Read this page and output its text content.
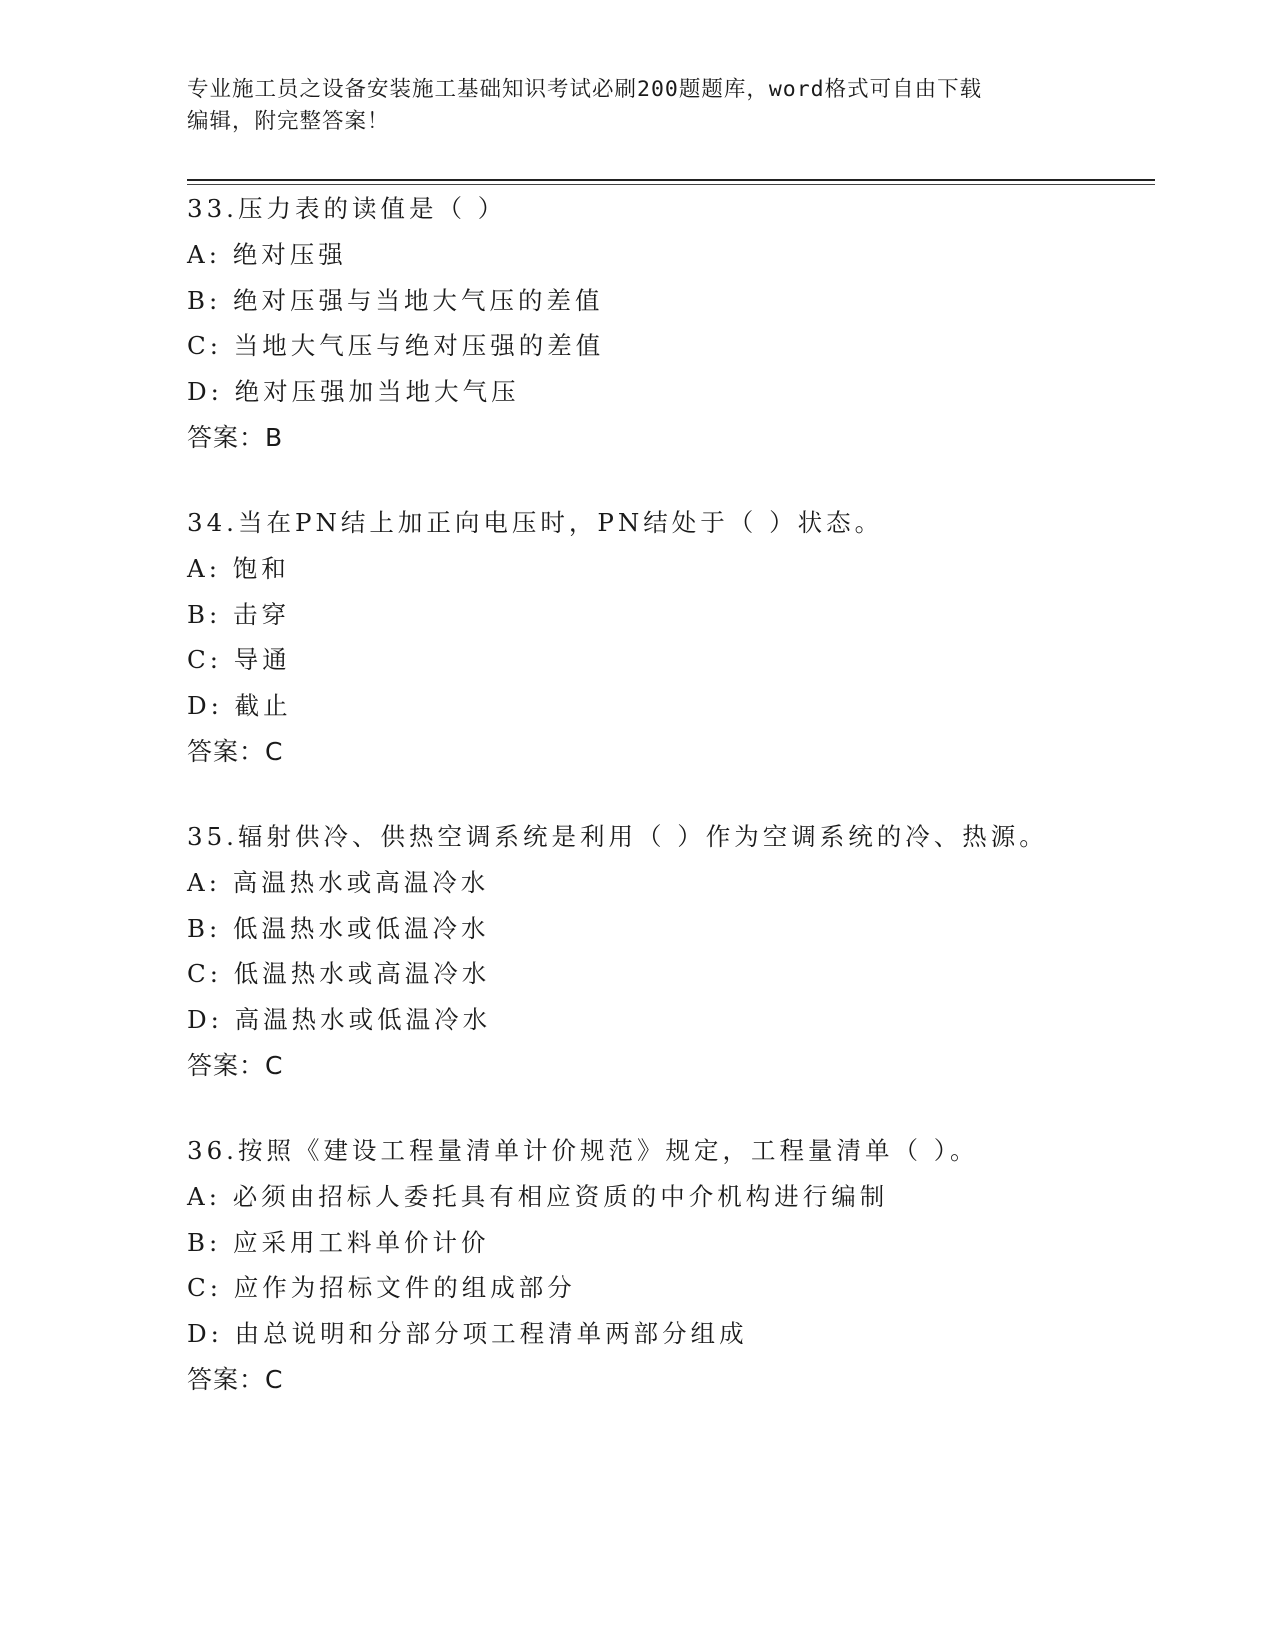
专业施工员之设备安装施工基础知识考试必刷200题题库，word格式可自由下载
编辑，附完整答案！
33.压力表的读值是（ ）
A: 绝对压强
B: 绝对压强与当地大气压的差值
C: 当地大气压与绝对压强的差值
D: 绝对压强加当地大气压
答案：B
34.当在PN结上加正向电压时，PN结处于（ ）状态。
A: 饱和
B: 击穿
C: 导通
D: 截止
答案：C
35.辐射供冷、供热空调系统是利用（ ）作为空调系统的冷、热源。
A: 高温热水或高温冷水
B: 低温热水或低温冷水
C: 低温热水或高温冷水
D: 高温热水或低温冷水
答案：C
36.按照《建设工程量清单计价规范》规定，工程量清单（ ）。
A: 必须由招标人委托具有相应资质的中介机构进行编制
B: 应采用工料单价计价
C: 应作为招标文件的组成部分
D: 由总说明和分部分项工程清单两部分组成
答案：C
